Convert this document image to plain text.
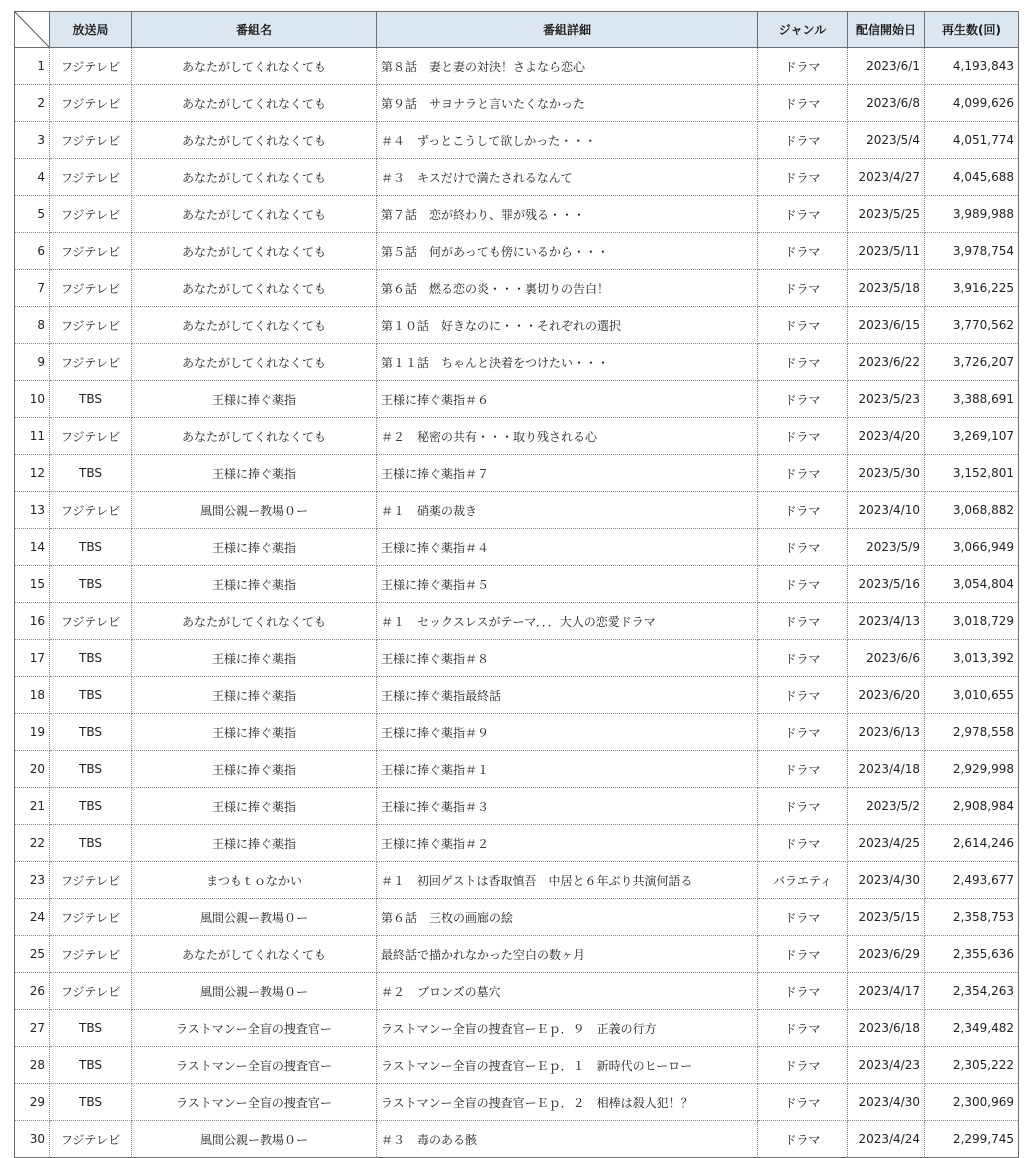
	放送局	番組名	番組詳細	ジャンル	配信開始日	再生数(回)
1	フジテレビ	あなたがしてくれなくても	第８話　妻と妻の対決！さよなら恋心	ドラマ	2023/6/1	4,193,843
2	フジテレビ	あなたがしてくれなくても	第９話　サヨナラと言いたくなかった	ドラマ	2023/6/8	4,099,626
3	フジテレビ	あなたがしてくれなくても	＃４　ずっとこうして欲しかった・・・	ドラマ	2023/5/4	4,051,774
4	フジテレビ	あなたがしてくれなくても	＃３　キスだけで満たされるなんて	ドラマ	2023/4/27	4,045,688
5	フジテレビ	あなたがしてくれなくても	第７話　恋が終わり、罪が残る・・・	ドラマ	2023/5/25	3,989,988
6	フジテレビ	あなたがしてくれなくても	第５話　何があっても傍にいるから・・・	ドラマ	2023/5/11	3,978,754
7	フジテレビ	あなたがしてくれなくても	第６話　燃る恋の炎・・・裏切りの告白！	ドラマ	2023/5/18	3,916,225
8	フジテレビ	あなたがしてくれなくても	第１０話　好きなのに・・・それぞれの選択	ドラマ	2023/6/15	3,770,562
9	フジテレビ	あなたがしてくれなくても	第１１話　ちゃんと決着をつけたい・・・	ドラマ	2023/6/22	3,726,207
10	TBS	王様に捧ぐ薬指	王様に捧ぐ薬指＃６	ドラマ	2023/5/23	3,388,691
11	フジテレビ	あなたがしてくれなくても	＃２　秘密の共有・・・取り残される心	ドラマ	2023/4/20	3,269,107
12	TBS	王様に捧ぐ薬指	王様に捧ぐ薬指＃７	ドラマ	2023/5/30	3,152,801
13	フジテレビ	風間公親ー教場０ー	＃１　硝薬の裁き	ドラマ	2023/4/10	3,068,882
14	TBS	王様に捧ぐ薬指	王様に捧ぐ薬指＃４	ドラマ	2023/5/9	3,066,949
15	TBS	王様に捧ぐ薬指	王様に捧ぐ薬指＃５	ドラマ	2023/5/16	3,054,804
16	フジテレビ	あなたがしてくれなくても	＃１　セックスレスがテーマ．．．大人の恋愛ドラマ	ドラマ	2023/4/13	3,018,729
17	TBS	王様に捧ぐ薬指	王様に捧ぐ薬指＃８	ドラマ	2023/6/6	3,013,392
18	TBS	王様に捧ぐ薬指	王様に捧ぐ薬指最終話	ドラマ	2023/6/20	3,010,655
19	TBS	王様に捧ぐ薬指	王様に捧ぐ薬指＃９	ドラマ	2023/6/13	2,978,558
20	TBS	王様に捧ぐ薬指	王様に捧ぐ薬指＃１	ドラマ	2023/4/18	2,929,998
21	TBS	王様に捧ぐ薬指	王様に捧ぐ薬指＃３	ドラマ	2023/5/2	2,908,984
22	TBS	王様に捧ぐ薬指	王様に捧ぐ薬指＃２	ドラマ	2023/4/25	2,614,246
23	フジテレビ	まつもｔｏなかい	＃１　初回ゲストは香取慎吾　中居と６年ぶり共演何語る	バラエティ	2023/4/30	2,493,677
24	フジテレビ	風間公親ー教場０ー	第６話　三枚の画廊の絵	ドラマ	2023/5/15	2,358,753
25	フジテレビ	あなたがしてくれなくても	最終話で描かれなかった空白の数ヶ月	ドラマ	2023/6/29	2,355,636
26	フジテレビ	風間公親ー教場０ー	＃２　ブロンズの墓穴	ドラマ	2023/4/17	2,354,263
27	TBS	ラストマンー全盲の捜査官ー	ラストマンー全盲の捜査官ーＥｐ．９　正義の行方	ドラマ	2023/6/18	2,349,482
28	TBS	ラストマンー全盲の捜査官ー	ラストマンー全盲の捜査官ーＥｐ．１　新時代のヒーロー	ドラマ	2023/4/23	2,305,222
29	TBS	ラストマンー全盲の捜査官ー	ラストマンー全盲の捜査官ーＥｐ．２　相棒は殺人犯！？	ドラマ	2023/4/30	2,300,969
30	フジテレビ	風間公親ー教場０ー	＃３　毒のある骸	ドラマ	2023/4/24	2,299,745
